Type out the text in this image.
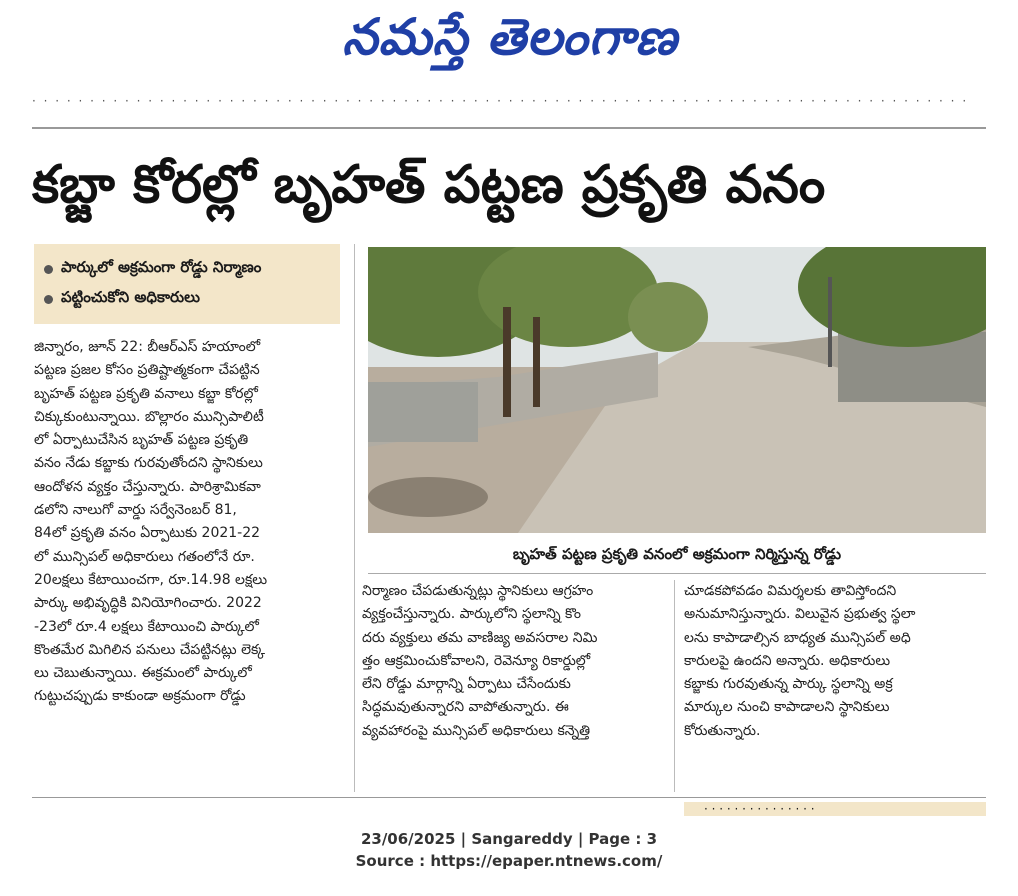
నమస్తే తెలంగాణ
· · · · · · · · · · · · · · · · · · · · · · · · · · · · · · · · · · · · · · · · · · · · · · · · · · · · · · · · · · · · · · · · · · · · · · · · · · · · · · · · ·
కబ్జా కోరల్లో బృహత్ పట్టణ ప్రకృతి వనం
పార్కులో అక్రమంగా రోడ్డు నిర్మాణం
పట్టించుకోని అధికారులు
బృహత్ పట్టణ ప్రకృతి వనంలో అక్రమంగా నిర్మిస్తున్న రోడ్డు

జిన్నారం, జూన్ 22: బీఆర్ఎస్ హయాంలో

పట్టణ ప్రజల కోసం ప్రతిష్టాత్మకంగా చేపట్టిన

బృహత్ పట్టణ ప్రకృతి వనాలు కబ్జా కోరల్లో

చిక్కుకుంటున్నాయి. బొల్లారం మున్సిపాలిటీ

లో ఏర్పాటుచేసిన బృహత్ పట్టణ ప్రకృతి

వనం నేడు కబ్జాకు గురవుతోందని స్థానికులు

ఆందోళన వ్యక్తం చేస్తున్నారు. పారిశ్రామికవా

డలోని నాలుగో వార్డు సర్వేనెంబర్ 81,

84లో ప్రకృతి వనం ఏర్పాటుకు 2021-22

లో మున్సిపల్ అధికారులు గతంలోనే రూ.

20లక్షలు కేటాయించగా, రూ.14.98 లక్షలు

పార్కు అభివృద్ధికి వినియోగించారు. 2022

-23లో రూ.4 లక్షలు కేటాయించి పార్కులో

కొంతమేర మిగిలిన పనులు చేపట్టినట్లు లెక్క

లు చెబుతున్నాయి. ఈక్రమంలో పార్కులో

గుట్టుచప్పుడు కాకుండా అక్రమంగా రోడ్డు

నిర్మాణం చేపడుతున్నట్లు స్థానికులు ఆగ్రహం

వ్యక్తంచేస్తున్నారు. పార్కులోని స్థలాన్ని కొం

దరు వ్యక్తులు తమ వాణిజ్య అవసరాల నిమి

త్తం ఆక్రమించుకోవాలని, రెవెన్యూ రికార్డుల్లో

లేని రోడ్డు మార్గాన్ని ఏర్పాటు చేసేందుకు

సిద్ధమవుతున్నారని వాపోతున్నారు. ఈ

వ్యవహారంపై మున్సిపల్ అధికారులు కన్నెత్తి

చూడకపోవడం విమర్శలకు తావిస్తోందని

అనుమానిస్తున్నారు. విలువైన ప్రభుత్వ స్థలా

లను కాపాడాల్సిన బాధ్యత మున్సిపల్ అధి

కారులపై ఉందని అన్నారు. అధికారులు

కబ్జాకు గురవుతున్న పార్కు స్థలాన్ని అక్ర

మార్కుల నుంచి కాపాడాలని స్థానికులు

కోరుతున్నారు.

· · · · · · · · · · · · · · ·
23/06/2025 | Sangareddy | Page : 3
Source : https://epaper.ntnews.com/
